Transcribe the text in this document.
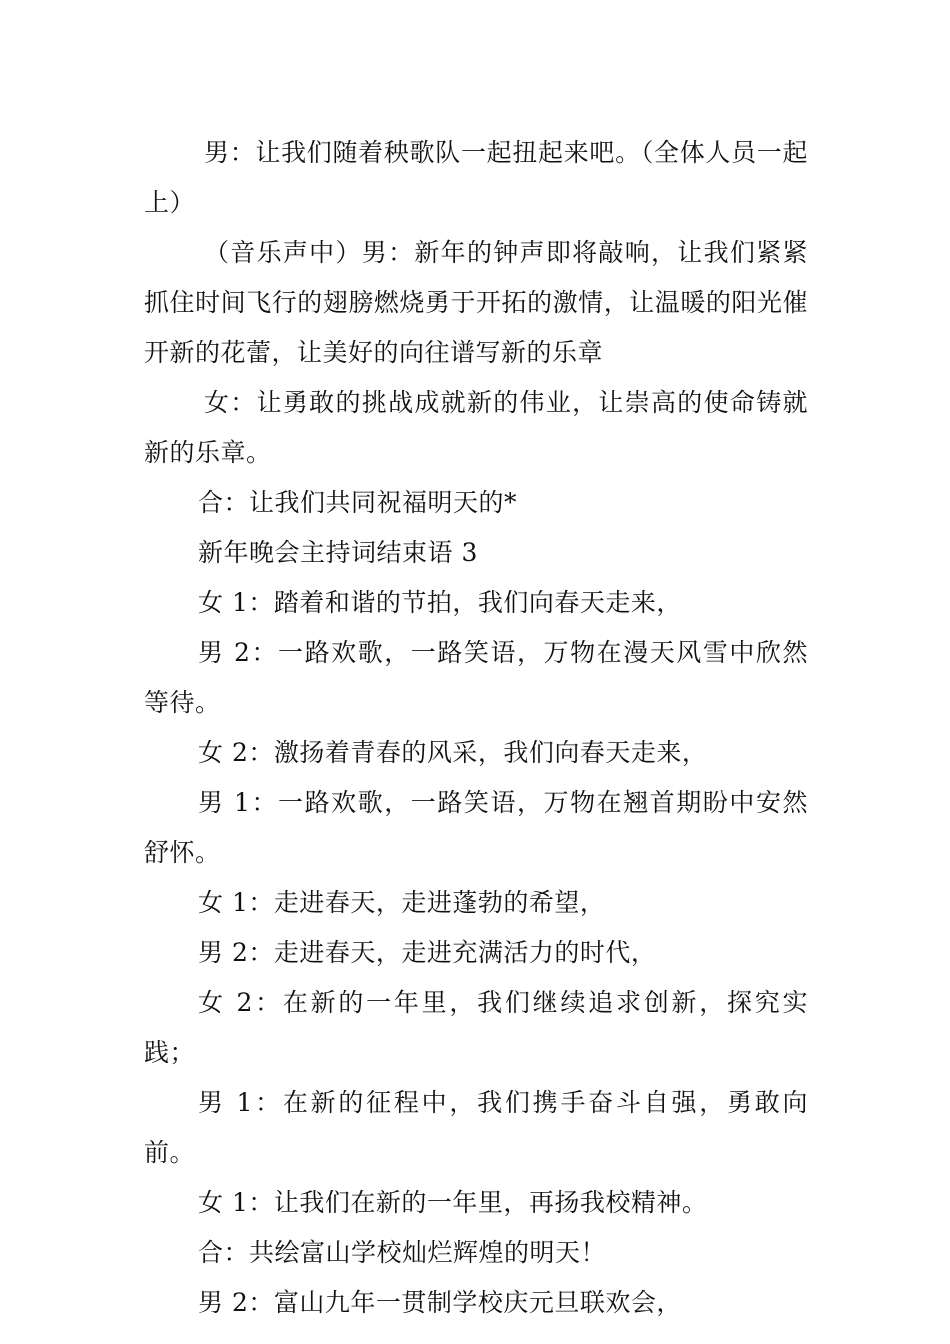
男：让我们随着秧歌队一起扭起来吧。（全体人员一起上）

（音乐声中）男：新年的钟声即将敲响，让我们紧紧抓住时间飞行的翅膀燃烧勇于开拓的激情，让温暖的阳光催开新的花蕾，让美好的向往谱写新的乐章

女：让勇敢的挑战成就新的伟业，让崇高的使命铸就新的乐章。

合：让我们共同祝福明天的*

新年晚会主持词结束语 3

女 1：踏着和谐的节拍，我们向春天走来，

男 2：一路欢歌，一路笑语，万物在漫天风雪中欣然等待。

女 2：激扬着青春的风采，我们向春天走来，

男 1：一路欢歌，一路笑语，万物在翘首期盼中安然舒怀。

女 1：走进春天，走进蓬勃的希望，

男 2：走进春天，走进充满活力的时代，

女 2：在新的一年里，我们继续追求创新，探究实践；

男 1：在新的征程中，我们携手奋斗自强，勇敢向前。

女 1：让我们在新的一年里，再扬我校精神。

合：共绘富山学校灿烂辉煌的明天！

男 2：富山九年一贯制学校庆元旦联欢会，
